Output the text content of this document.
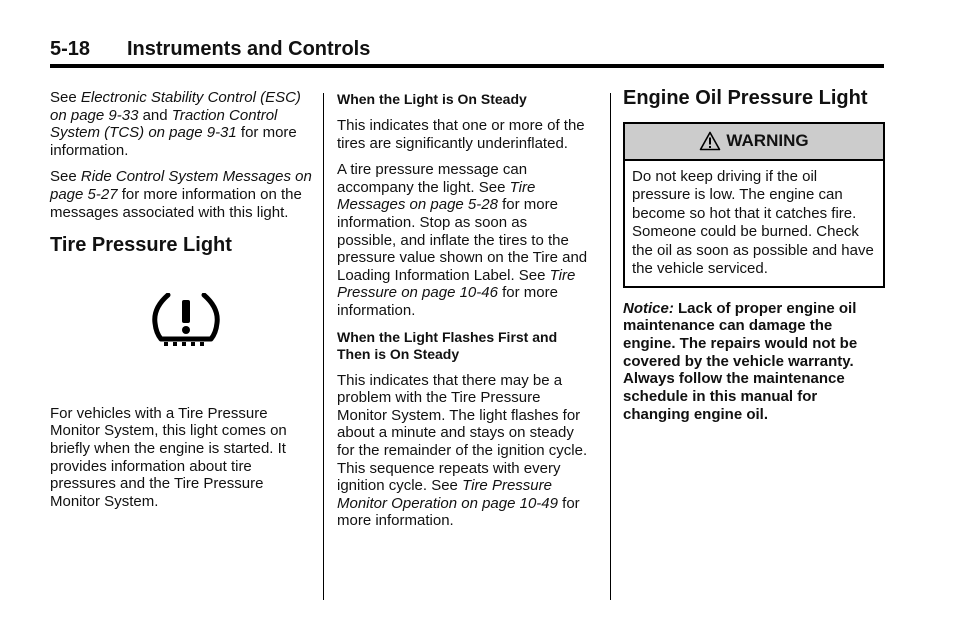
5-18 Instruments and Controls

See Electronic Stability Control (ESC) on page 9-33 and Traction Control System (TCS) on page 9-31 for more information.

See Ride Control System Messages on page 5-27 for more information on the messages associated with this light.

Tire Pressure Light

For vehicles with a Tire Pressure Monitor System, this light comes on briefly when the engine is started. It provides information about tire pressures and the Tire Pressure Monitor System.

When the Light is On Steady

This indicates that one or more of the tires are significantly underinflated.

A tire pressure message can accompany the light. See Tire Messages on page 5-28 for more information. Stop as soon as possible, and inflate the tires to the pressure value shown on the Tire and Loading Information Label. See Tire Pressure on page 10-46 for more information.

When the Light Flashes First and Then is On Steady

This indicates that there may be a problem with the Tire Pressure Monitor System. The light flashes for about a minute and stays on steady for the remainder of the ignition cycle. This sequence repeats with every ignition cycle. See Tire Pressure Monitor Operation on page 10-49 for more information.

Engine Oil Pressure Light
WARNING
Do not keep driving if the oil pressure is low. The engine can become so hot that it catches fire. Someone could be burned. Check the oil as soon as possible and have the vehicle serviced.
Notice: Lack of proper engine oil maintenance can damage the engine. The repairs would not be covered by the vehicle warranty. Always follow the maintenance schedule in this manual for changing engine oil.
